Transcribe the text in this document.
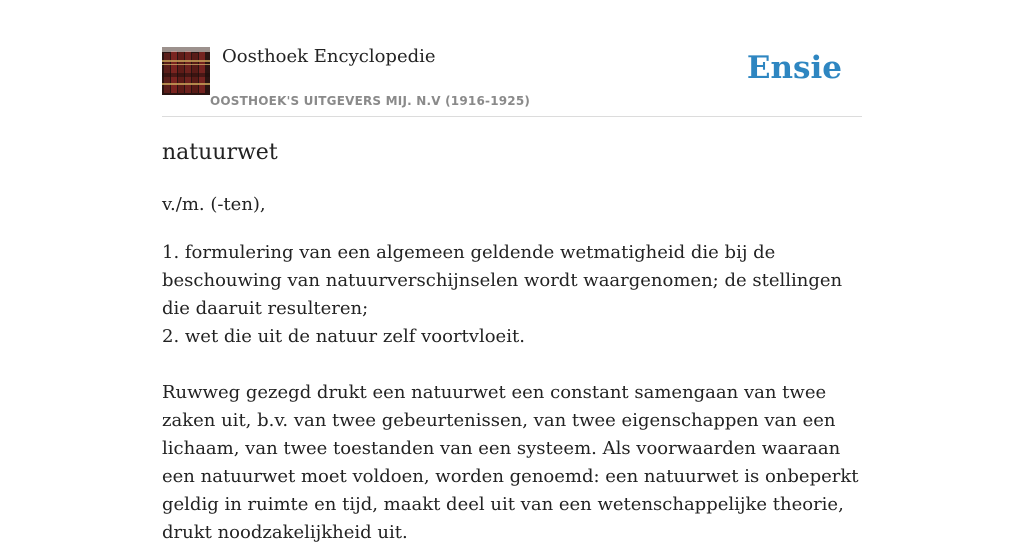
Oosthoek Encyclopedie
OOSTHOEK'S UITGEVERS MIJ. N.V (1916-1925)
Ensie
natuurwet
v./m. (-ten),

1. formulering van een algemeen geldende wetmatigheid die bij de beschouwing van natuurverschijnselen wordt waargenomen; de stellingen die daaruit resulteren;

2. wet die uit de natuur zelf voortvloeit.

Ruwweg gezegd drukt een natuurwet een constant samengaan van twee zaken uit, b.v. van twee gebeurtenissen, van twee eigenschappen van een lichaam, van twee toestanden van een systeem. Als voorwaarden waaraan een natuurwet moet voldoen, worden genoemd: een natuurwet is onbeperkt geldig in ruimte en tijd, maakt deel uit van een wetenschappelijke theorie, drukt noodzakelijkheid uit.
